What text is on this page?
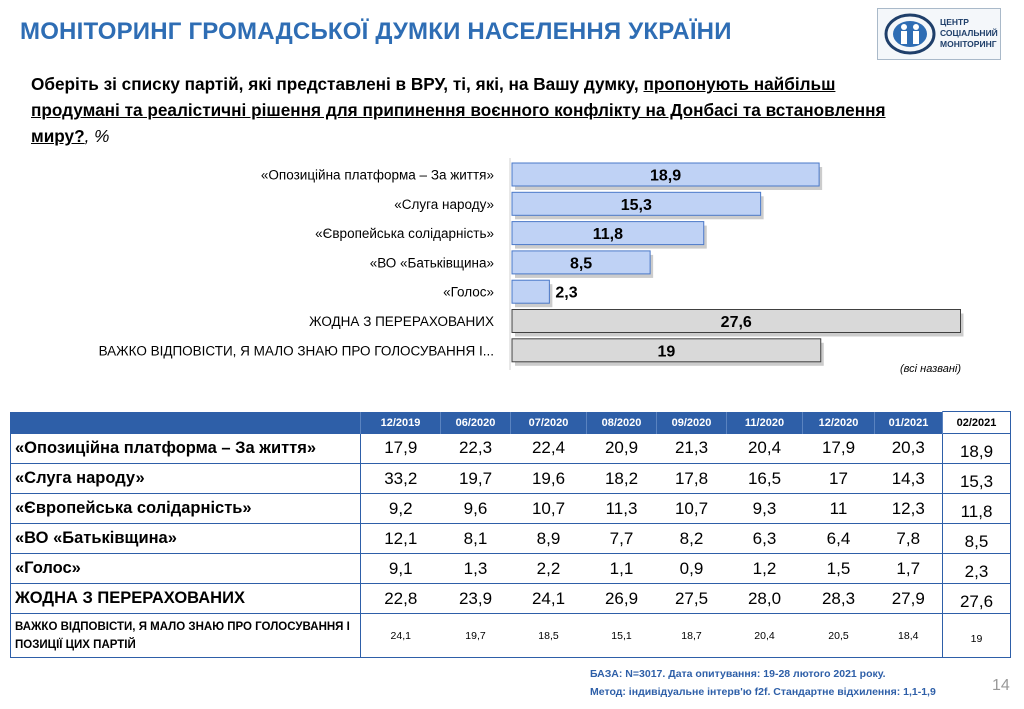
МОНІТОРИНГ ГРОМАДСЬКОЇ ДУМКИ НАСЕЛЕННЯ УКРАЇНИ	ЦЕНТР
СОЦІАЛЬНИЙ
МОНІТОРИНГ
Оберіть зі списку партій, які представлені в ВРУ, ті, які, на Вашу думку, пропонують найбільш продумані та реалістичні рішення для припинення воєнного конфлікту на Донбасі та встановлення миру?, %
«Опозиційна платформа – За життя»	18,9
«Слуга народу»	15,3
«Європейська солідарність»	11,8
«ВО «Батьківщина»	8,5
«Голос»	2,3
ЖОДНА З ПЕРЕРАХОВАНИХ	27,6
ВАЖКО ВІДПОВІСТИ, Я МАЛО ЗНАЮ ПРО ГОЛОСУВАННЯ І...	19
(всі названі)
	12/2019	06/2020	07/2020	08/2020	09/2020	11/2020	12/2020	01/2021	02/2021
«Опозиційна платформа – За життя»	17,9	22,3	22,4	20,9	21,3	20,4	17,9	20,3	18,9
«Слуга народу»	33,2	19,7	19,6	18,2	17,8	16,5	17	14,3	15,3
«Європейська солідарність»	9,2	9,6	10,7	11,3	10,7	9,3	11	12,3	11,8
«ВО «Батьківщина»	12,1	8,1	8,9	7,7	8,2	6,3	6,4	7,8	8,5
«Голос»	9,1	1,3	2,2	1,1	0,9	1,2	1,5	1,7	2,3
ЖОДНА З ПЕРЕРАХОВАНИХ	22,8	23,9	24,1	26,9	27,5	28,0	28,3	27,9	27,6
ВАЖКО ВІДПОВІСТИ, Я МАЛО ЗНАЮ ПРО ГОЛОСУВАННЯ І ПОЗИЦІЇ ЦИХ ПАРТІЙ	24,1	19,7	18,5	15,1	18,7	20,4	20,5	18,4	19
БАЗА: N=3017. Дата опитування: 19-28 лютого 2021 року.
Метод: індивідуальне інтерв'ю f2f. Стандартне відхилення: 1,1-1,9	14
